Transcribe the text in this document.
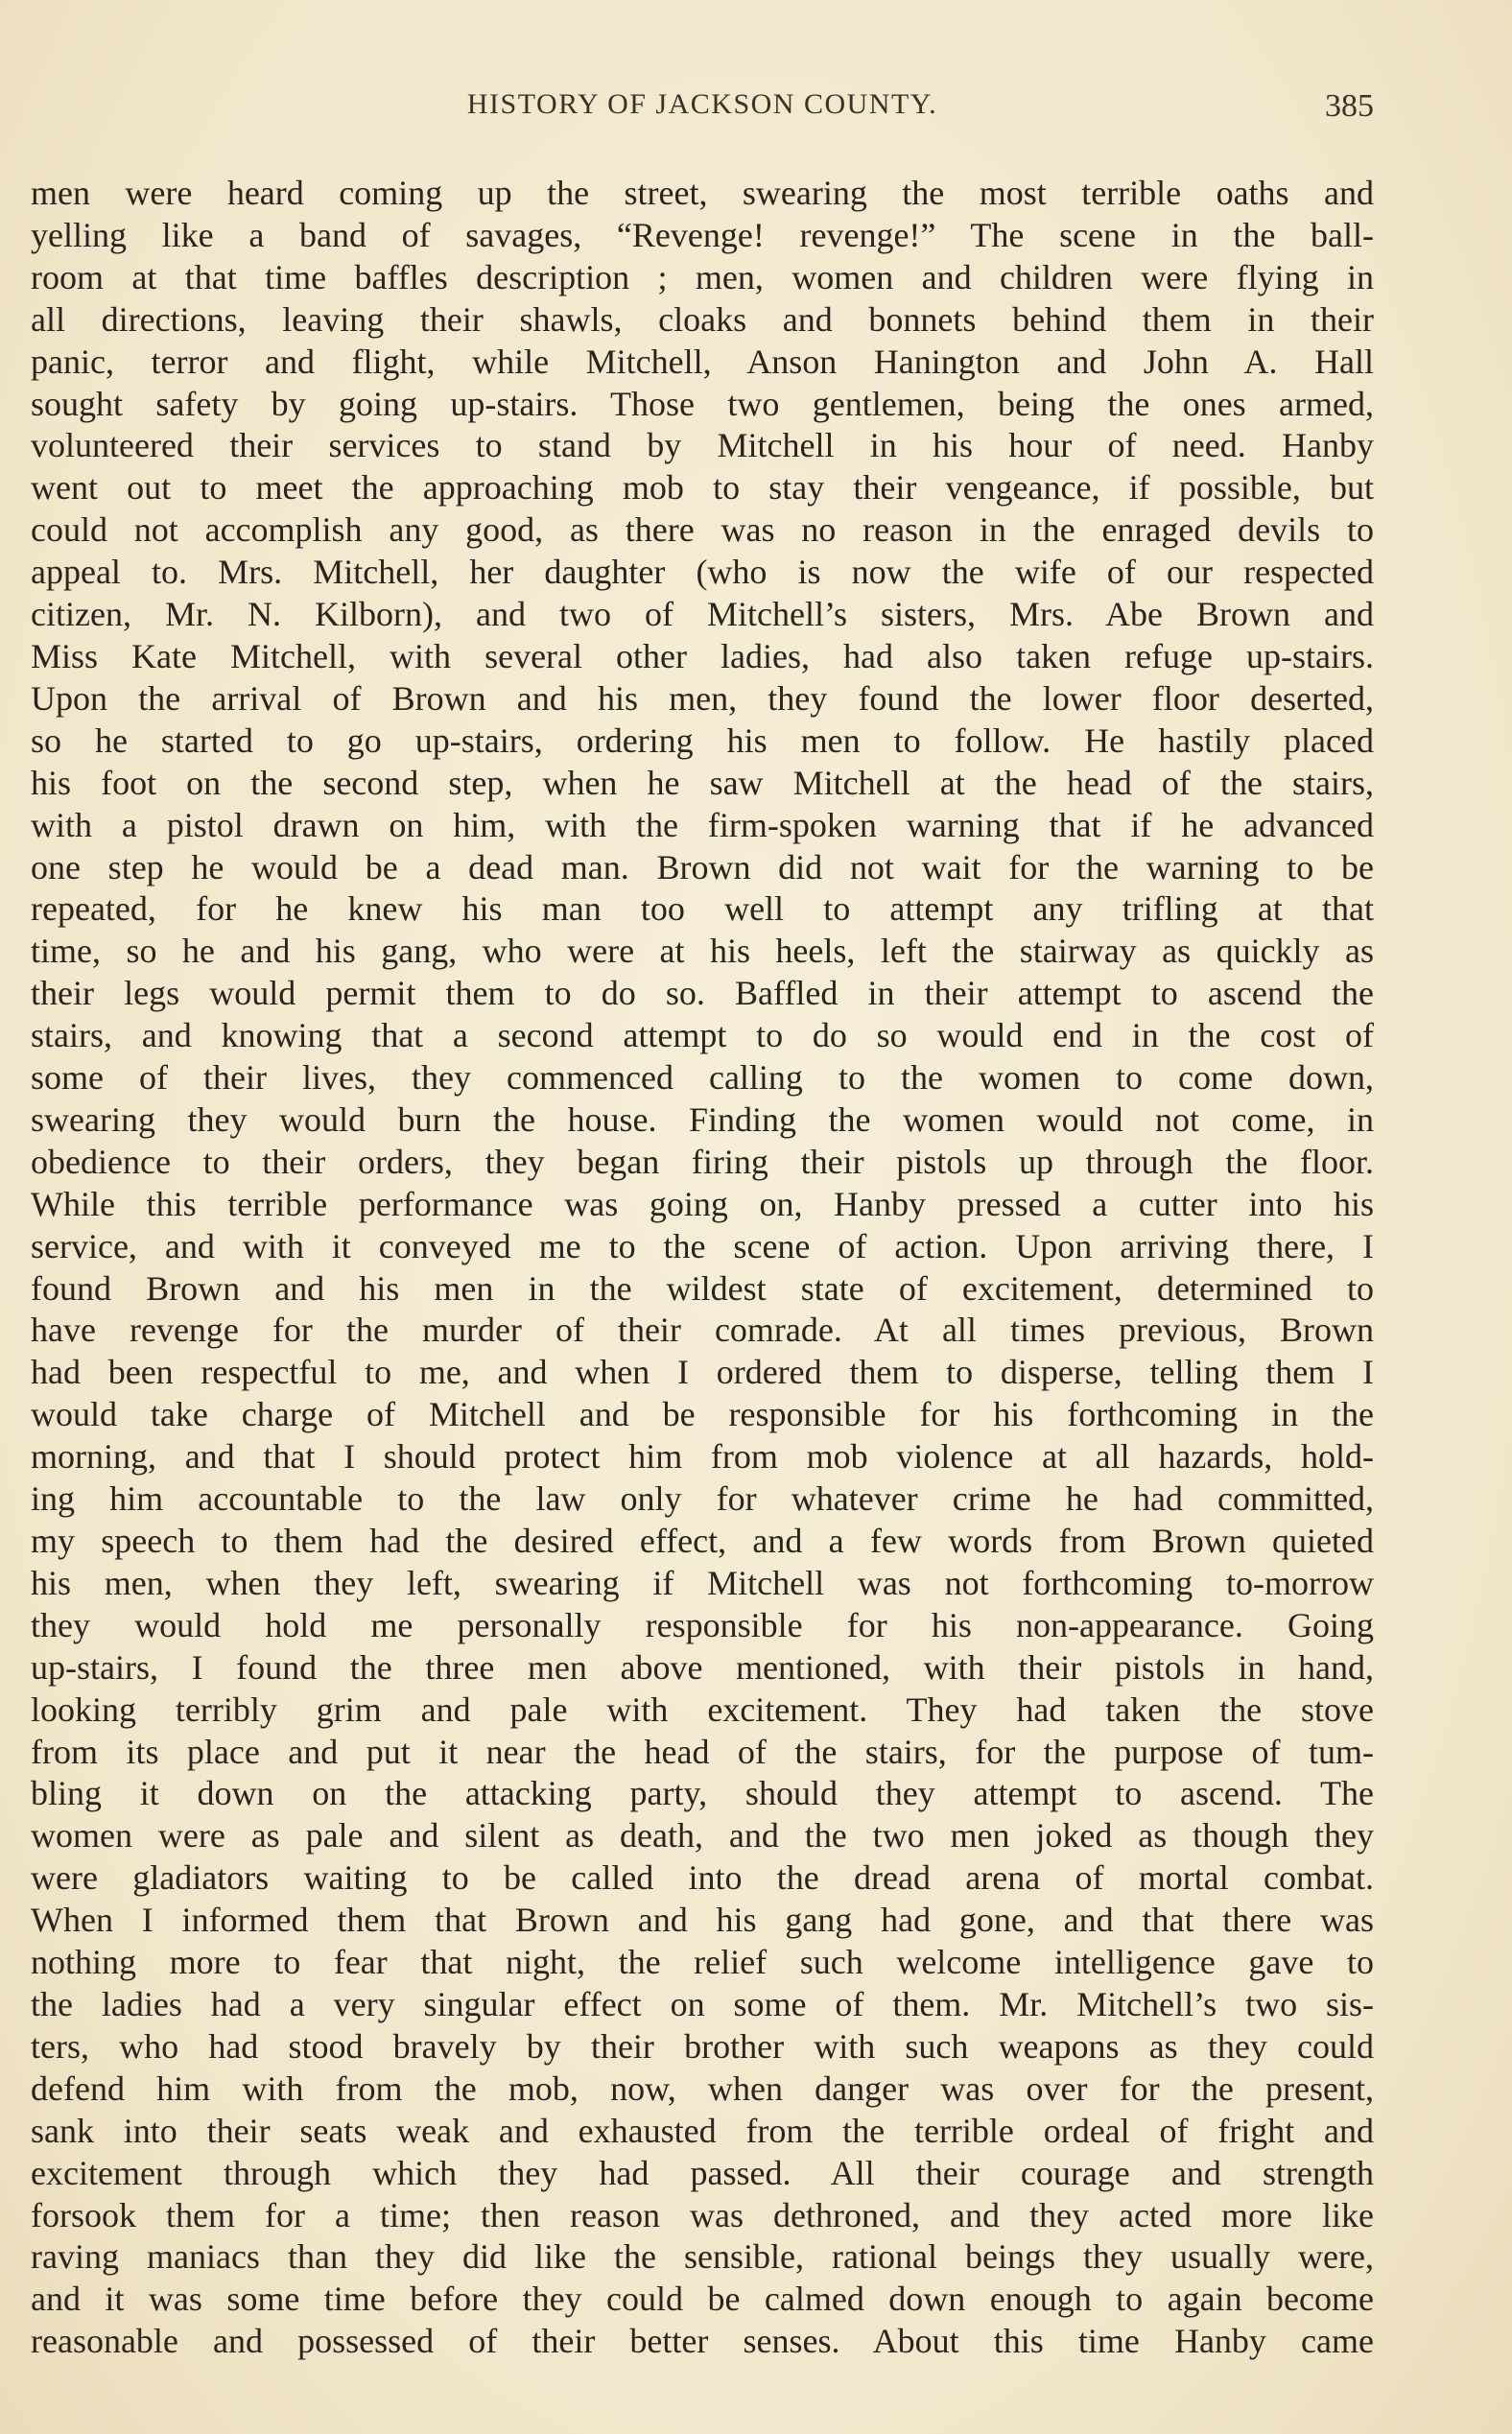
HISTORY OF JACKSON COUNTY.	385
men were heard coming up the street, swearing the most terrible oaths and
yelling like a band of savages, “Revenge! revenge!” The scene in the ball-
room at that time baffles description ; men, women and children were flying in
all directions, leaving their shawls, cloaks and bonnets behind them in their
panic, terror and flight, while Mitchell, Anson Hanington and John A. Hall
sought safety by going up-stairs. Those two gentlemen, being the ones armed,
volunteered their services to stand by Mitchell in his hour of need. Hanby
went out to meet the approaching mob to stay their vengeance, if possible, but
could not accomplish any good, as there was no reason in the enraged devils to
appeal to. Mrs. Mitchell, her daughter (who is now the wife of our respected
citizen, Mr. N. Kilborn), and two of Mitchell’s sisters, Mrs. Abe Brown and
Miss Kate Mitchell, with several other ladies, had also taken refuge up-stairs.
Upon the arrival of Brown and his men, they found the lower floor deserted,
so he started to go up-stairs, ordering his men to follow. He hastily placed
his foot on the second step, when he saw Mitchell at the head of the stairs,
with a pistol drawn on him, with the firm-spoken warning that if he advanced
one step he would be a dead man. Brown did not wait for the warning to be
repeated, for he knew his man too well to attempt any trifling at that
time, so he and his gang, who were at his heels, left the stairway as quickly as
their legs would permit them to do so. Baffled in their attempt to ascend the
stairs, and knowing that a second attempt to do so would end in the cost of
some of their lives, they commenced calling to the women to come down,
swearing they would burn the house. Finding the women would not come, in
obedience to their orders, they began firing their pistols up through the floor.
While this terrible performance was going on, Hanby pressed a cutter into his
service, and with it conveyed me to the scene of action. Upon arriving there, I
found Brown and his men in the wildest state of excitement, determined to
have revenge for the murder of their comrade. At all times previous, Brown
had been respectful to me, and when I ordered them to disperse, telling them I
would take charge of Mitchell and be responsible for his forthcoming in the
morning, and that I should protect him from mob violence at all hazards, hold-
ing him accountable to the law only for whatever crime he had committed,
my speech to them had the desired effect, and a few words from Brown quieted
his men, when they left, swearing if Mitchell was not forthcoming to-morrow
they would hold me personally responsible for his non-appearance. Going
up-stairs, I found the three men above mentioned, with their pistols in hand,
looking terribly grim and pale with excitement. They had taken the stove
from its place and put it near the head of the stairs, for the purpose of tum-
bling it down on the attacking party, should they attempt to ascend. The
women were as pale and silent as death, and the two men joked as though they
were gladiators waiting to be called into the dread arena of mortal combat.
When I informed them that Brown and his gang had gone, and that there was
nothing more to fear that night, the relief such welcome intelligence gave to
the ladies had a very singular effect on some of them. Mr. Mitchell’s two sis-
ters, who had stood bravely by their brother with such weapons as they could
defend him with from the mob, now, when danger was over for the present,
sank into their seats weak and exhausted from the terrible ordeal of fright and
excitement through which they had passed. All their courage and strength
forsook them for a time; then reason was dethroned, and they acted more like
raving maniacs than they did like the sensible, rational beings they usually were,
and it was some time before they could be calmed down enough to again become
reasonable and possessed of their better senses. About this time Hanby came
